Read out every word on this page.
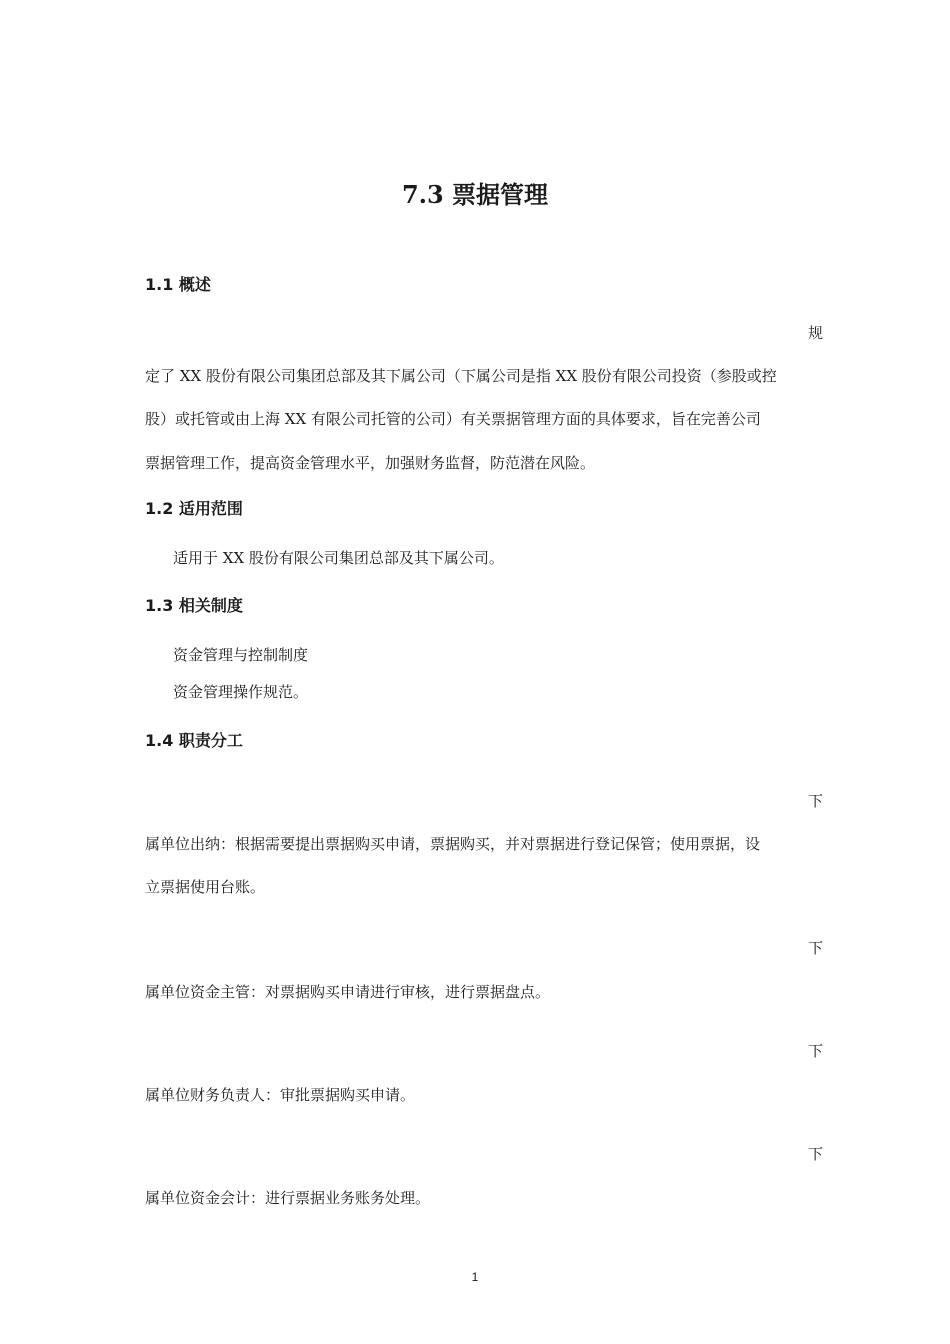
7.3 票据管理
1.1 概述
规
定了 XX 股份有限公司集团总部及其下属公司（下属公司是指 XX 股份有限公司投资（参股或控
股）或托管或由上海 XX 有限公司托管的公司）有关票据管理方面的具体要求，旨在完善公司
票据管理工作，提高资金管理水平，加强财务监督，防范潜在风险。
1.2 适用范围
适用于 XX 股份有限公司集团总部及其下属公司。
1.3 相关制度
资金管理与控制制度
资金管理操作规范。
1.4 职责分工
下
属单位出纳：根据需要提出票据购买申请，票据购买，并对票据进行登记保管；使用票据，设
立票据使用台账。
下
属单位资金主管：对票据购买申请进行审核，进行票据盘点。
下
属单位财务负责人：审批票据购买申请。
下
属单位资金会计：进行票据业务账务处理。
1
